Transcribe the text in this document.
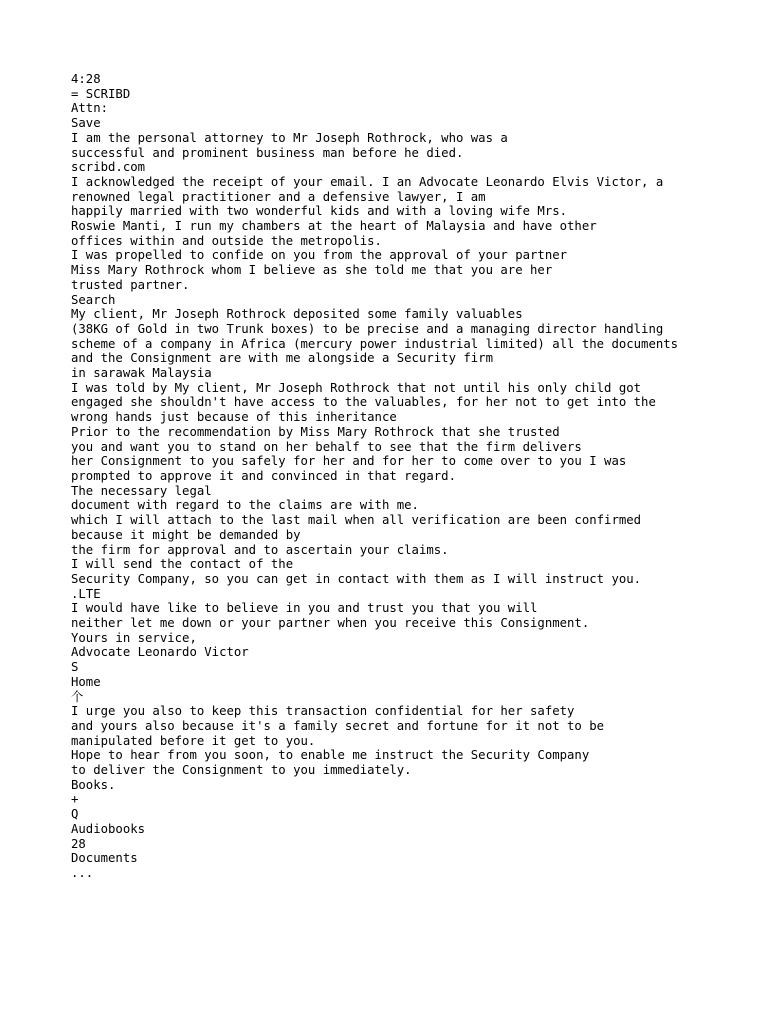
4:28
= SCRIBD
Attn:
Save
I am the personal attorney to Mr Joseph Rothrock, who was a
successful and prominent business man before he died.
scribd.com
I acknowledged the receipt of your email. I an Advocate Leonardo Elvis Victor, a
renowned legal practitioner and a defensive lawyer, I am
happily married with two wonderful kids and with a loving wife Mrs.
Roswie Manti, I run my chambers at the heart of Malaysia and have other
offices within and outside the metropolis.
I was propelled to confide on you from the approval of your partner
Miss Mary Rothrock whom I believe as she told me that you are her
trusted partner.
Search
My client, Mr Joseph Rothrock deposited some family valuables
(38KG of Gold in two Trunk boxes) to be precise and a managing director handling
scheme of a company in Africa (mercury power industrial limited) all the documents
and the Consignment are with me alongside a Security firm
in sarawak Malaysia
I was told by My client, Mr Joseph Rothrock that not until his only child got
engaged she shouldn't have access to the valuables, for her not to get into the
wrong hands just because of this inheritance
Prior to the recommendation by Miss Mary Rothrock that she trusted
you and want you to stand on her behalf to see that the firm delivers
her Consignment to you safely for her and for her to come over to you I was
prompted to approve it and convinced in that regard.
The necessary legal
document with regard to the claims are with me.
which I will attach to the last mail when all verification are been confirmed
because it might be demanded by
the firm for approval and to ascertain your claims.
I will send the contact of the
Security Company, so you can get in contact with them as I will instruct you.
.LTE
I would have like to believe in you and trust you that you will
neither let me down or your partner when you receive this Consignment.
Yours in service,
Advocate Leonardo Victor
S
Home
个
I urge you also to keep this transaction confidential for her safety
and yours also because it's a family secret and fortune for it not to be
manipulated before it get to you.
Hope to hear from you soon, to enable me instruct the Security Company
to deliver the Consignment to you immediately.
Books.
+
Q
Audiobooks
28
Documents
...
